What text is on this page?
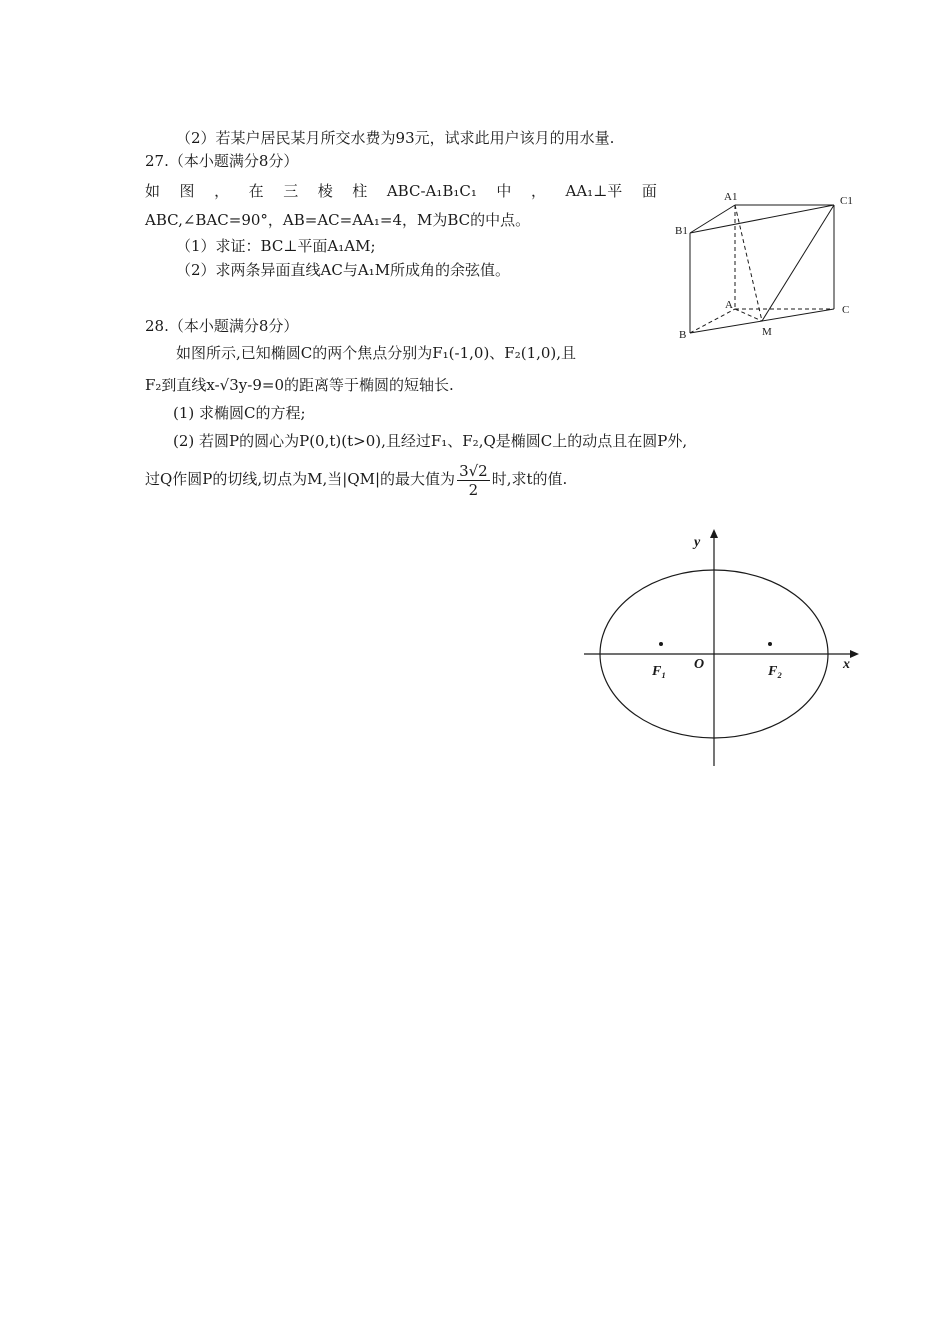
（2）若某户居民某月所交水费为93元，试求此用户该月的用水量.
27.（本小题满分8分）
如 图 ， 在 三 棱 柱 ABC-A₁B₁C₁ 中 ， AA₁⊥平 面
ABC,∠BAC=90°，AB=AC=AA₁=4，M为BC的中点。
（1）求证：BC⊥平面A₁AM;
（2）求两条异面直线AC与A₁M所成角的余弦值。
A1	C1
B1
A	C
B	M
28.（本小题满分8分）
如图所示,已知椭圆C的两个焦点分别为F₁(-1,0)、F₂(1,0),且
F₂到直线x-√3y-9=0的距离等于椭圆的短轴长.
(1) 求椭圆C的方程;
(2) 若圆P的圆心为P(0,t)(t>0),且经过F₁、F₂,Q是椭圆C上的动点且在圆P外,
过Q作圆P的切线,切点为M,当|QM|的最大值为 $\frac{3√2}{2}$ 时,求t的值.
y
x
O
F₁	F₂
